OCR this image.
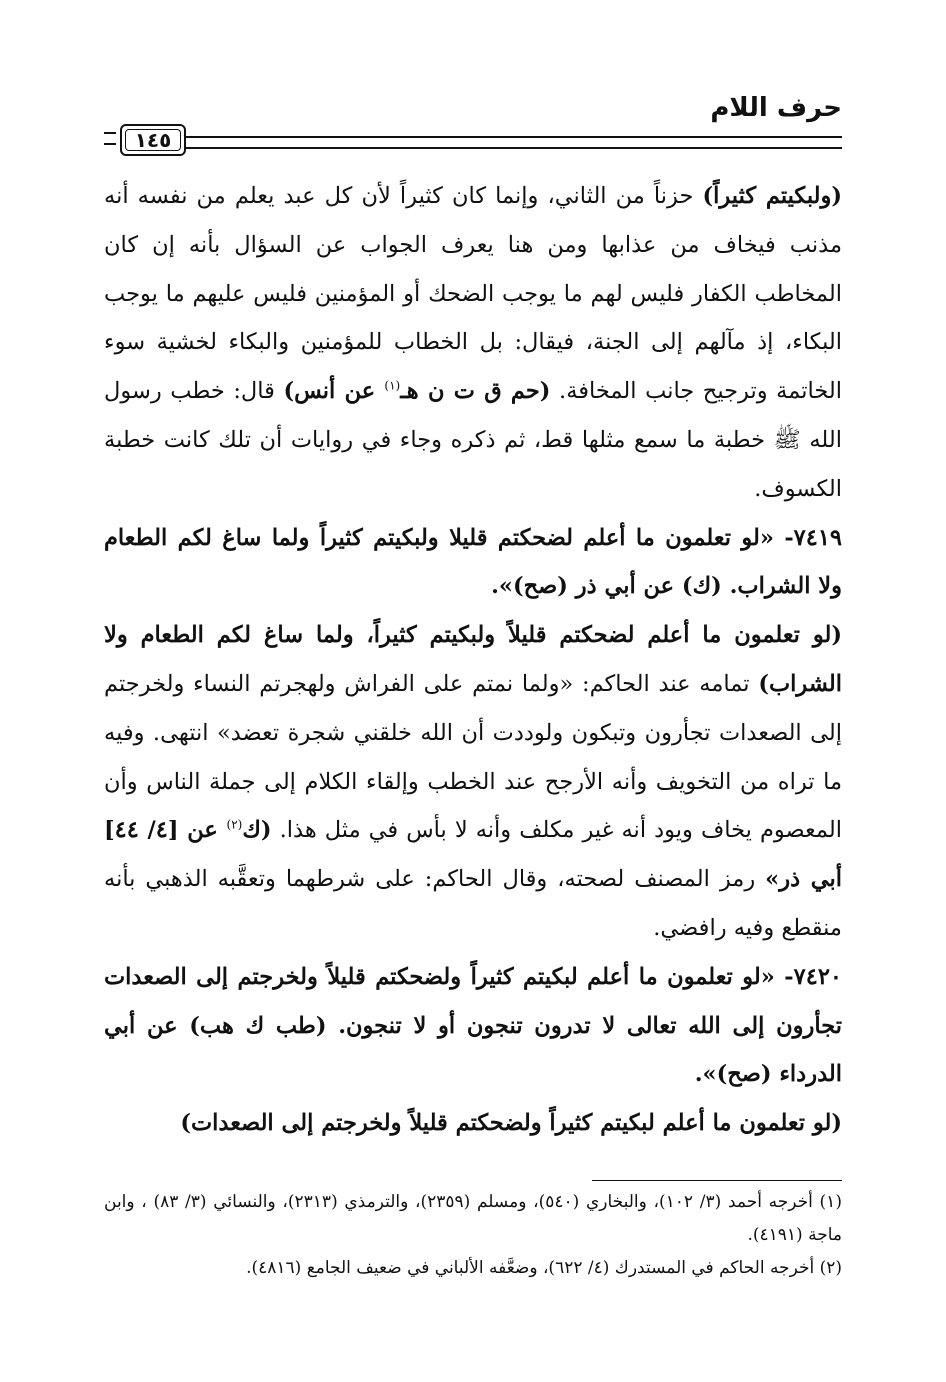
حرف اللام
١٤٥

(ولبكيتم كثيراً) حزناً من الثاني، وإنما كان كثيراً لأن كل عبد يعلم من نفسه أنه مذنب فيخاف من عذابها ومن هنا يعرف الجواب عن السؤال بأنه إن كان المخاطب الكفار فليس لهم ما يوجب الضحك أو المؤمنين فليس عليهم ما يوجب البكاء، إذ مآلهم إلى الجنة، فيقال: بل الخطاب للمؤمنين والبكاء لخشية سوء الخاتمة وترجيح جانب المخافة. (حم ق ت ن هـ$^{(١)}$ عن أنس) قال: خطب رسول الله ﷺ خطبة ما سمع مثلها قط، ثم ذكره وجاء في روايات أن تلك كانت خطبة الكسوف.

٧٤١٩- «لو تعلمون ما أعلم لضحكتم قليلا ولبكيتم كثيراً ولما ساغ لكم الطعام ولا الشراب. (ك) عن أبي ذر (صح)».

(لو تعلمون ما أعلم لضحكتم قليلاً ولبكيتم كثيراً، ولما ساغ لكم الطعام ولا الشراب) تمامه عند الحاكم: «ولما نمتم على الفراش ولهجرتم النساء ولخرجتم إلى الصعدات تجأرون وتبكون ولوددت أن الله خلقني شجرة تعضد» انتهى. وفيه ما تراه من التخويف وأنه الأرجح عند الخطب وإلقاء الكلام إلى جملة الناس وأن المعصوم يخاف ويود أنه غير مكلف وأنه لا بأس في مثل هذا. (ك$^{(٢)}$ عن [٤/ ٤٤] أبي ذر» رمز المصنف لصحته، وقال الحاكم: على شرطهما وتعقَّبه الذهبي بأنه منقطع وفيه رافضي.

٧٤٢٠- «لو تعلمون ما أعلم لبكيتم كثيراً ولضحكتم قليلاً ولخرجتم إلى الصعدات تجأرون إلى الله تعالى لا تدرون تنجون أو لا تنجون. (طب ك هب) عن أبي الدرداء (صح)».

(لو تعلمون ما أعلم لبكيتم كثيراً ولضحكتم قليلاً ولخرجتم إلى الصعدات)

(١) أخرجه أحمد (٣/ ١٠٢)، والبخاري (٥٤٠)، ومسلم (٢٣٥٩)، والترمذي (٢٣١٣)، والنسائي (٣/ ٨٣) ، وابن ماجة (٤١٩١).

(٢) أخرجه الحاكم في المستدرك (٤/ ٦٢٢)، وضعَّفه الألباني في ضعيف الجامع (٤٨١٦).
